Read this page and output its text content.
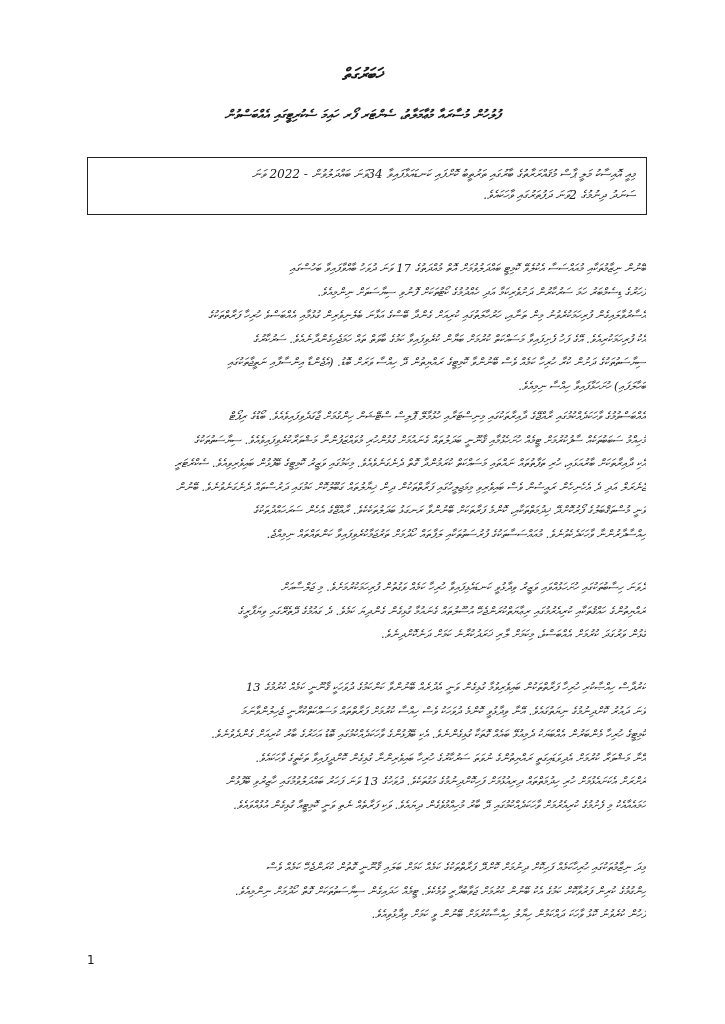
ޚަބަރުގަތް
ފުލުހުން މުސާރައާ މުޢާމަލާތު، ސެންޓަރ ފޯރ ހައިމަ ސެކުރިޓީގައި އެއްބަސްވުން
މިއީ އޮއިސާކު މަލީ ޕާސް މުޤައްރަރާތުގެ ބާރުގައި ތަރުތީބު ކޮށްފައި ކަނޑައަޅާފައިވާ 34ވަނަ ބައްދަލުވުން - 2022 ވަނަ
ސަނަދު ދިނުމުގެ 2ވަނަ ދަފުތަރުގައި ވާހަކައެވެ.
ބޭނުން ނިޒާމުތަކާއި މުއައްސަސާ އެކުލެވޭ ކޮމިޓީ ބައްދަލުވުމަށް އޮތް މުއްދަތުގެ 17 ވަނަ ދުވަހު ބާއްވާފައިވާ ބަހުސްގައި
ފަހަރުގެ ޑިސެމްބަރު ހަމަ ސަރުކާރުން ދަށުވެރިކަމާ އަދި ހެއްދުމުގެ ކޯޓުތަކަށް ފޮނުވި ސިޔާސަތަށް ނިންމިއެވެ.
އެސާރުވާލައިގެން ފުރިހަމަކުރެވުނު މިން ތަނާއި، ހަރުހާލަތުގައި ކުރިއަށް ގެންދާ ބޭސްގެ އަޅާނަ ބެލެނިވެރިން ގުޅުމާއި އެއްބަސްވެ ހުރިހާ ފަރާތްތަކުގެ
އެކު ފުރިހަމަކުރިއެވެ. އޭގެ ފަހު ފެށިފައިވާ މަސައްކަތް ކުރުމަށް ބަޔާން ކުރެވިފައިވާ ކަމުގެ ބާވަތް ތައް ހަމަޖެހިގެންދާނެއެވެ. ސަރުކާރުގެ
ސިޔާސަތުތަކުގެ ދަށުން ކުރާ ހުރިހާ ކަމެއް ވެސް ބޭނުންވާ ކޮމިޓީގެ ރައްޔިތުން ދޭ ހިއްސާ ވަރަށް ބޮޑު. (އެޖެންޑާ އިންސާފާއި ނަތީޖާތަކުގައި
ބަހާލަފައި) ހުށަހަޅާފައިވާ ހިއްސާ ނިމިއެވެ.
އެއްބަސްވުމުގެ ވާހަކަދެއްކުމުގައި ރާއްޖޭގެ ދާއިރާތަކުގައި މިނިސްޓަރާއި ހުޅުމާލޭ ޕޮލިސް ސްޓޭޝަން ހިންގުމަށް ޖާގަދެވިފައިވެއެވެ. ބޯޑުގެ ރިޕޯޓް
މުހިއްމު ސަބަބުތަކެއް ސާފުކުރުމަށް ޓީމެއް ހުށަހެޅުމާއި ޤާނޫނީ ބަދަލުތައް ގެނައުމަށް ގުޅުންހުރި މުވައްޒަފުންނާ މަޝްވަރާކުރެވިފައިވެއެވެ. ސިޔާސަތުތަކުގެ
އެކި ދާއިރާތަކަށް ބާރުއަޅައި، ހުރި ތަފާތުތައް ނައްތައި މަސައްކަތް ކުރަމުންދާ ގޮތް ދެނެގަނެވެއެވެ. މިކަމުގައި ވަޒީރު ކޮމިޓީގެ ބޭފުޅުން ބައިވެރިވިއެވެ. ސެކްރެޓަރީ
ޖެނެރަލް އަދި ދެ އެހެނިހެން ރައީސުން ވެސް ބައިވެރިވި މިމަޖިލީހުގައި ފަރާތްތަކުން ދިން ޚިޔާލުތައް ގަބޫލުކޮށް ކަމުގައި ދަރުސްތައް ދެނެގަނެވުނެވެ. ބޭނުން
ވަނީ މުސްތަޤްބަލުގެ ފޯރުކޮށްދޭ ޚިދުމަތްތަކާއި، ކޮންމެ ފަރާތަކަށް ބޭނުންވާ ރަނގަޅު ބަދަލުތަކެކެވެ. ރާއްޖޭގެ އެހެން ސަރަހައްދުތަކުގެ
ހިއްސާދާރުންނާ ވާހަކަދެކެވުނެވެ. މުއައްސަސާތަކުގެ ފުރުސަތުތަކާއި ލަފާތައް ހޯދުމަށް ތަރުޖަމާކުރެވިފައިވާ ކަންތައްތައް ނިމިއްޖެ.
ދެވަނަ ހިސާބުތަކުގައި ހުށަހަޅުއްވައި ވަޒީރު ވިދާޅުވީ ކަނޑައެޅިފައިވާ ހުރިހާ ކަމެއް ވަގުތުން ފުރިހަމަކުރުމަށެވެ. މި ޖަލްސާއަށް
ރައްޔިތުންގެ ހައްޤުތަކާއި ކުރިއެރުމުގައި ރިޢާޔަތްކުރަންޖެހޭ އުސޫލުތައް ގެނައުމާ ގުޅިގެން ގެންދިޔަ ކަމެވެ. ދެ ގައުމުގެ ދޭތެރޭގައި ވިޔަފާރީގެ
ގުޅުން ވަރުގަދަ ކުރުމަށް އެއްބަސްވެ، މިކަމަށް ލާރި ޚަރަދުކުރާނެ ކަމަށް ދަނެކޮށްދިނެވެ.
ކަރުދާސް ހިއްޞާކުރި ހުރިހާ ފަރާތްތަކުން ބައިވެރިވުމާ ގުޅިގެން ވަނީ އެދުރެއް ބޭނުންވާ ކަންކަމުގެ ދުވަހަކީ ޤާނޫނީ ކަމެއް ކުރުމުގެ 13
ވަނަ ދައުރު ކޮށްދިނުމުގެ ނިޔަތުގައެވެ. އޭނާ ވިދާޅުވީ ކޮންމެ ދުވަހަކު ވެސް ހިއްސާ ކުރުމަށް ފަރާތްތައް މަސައްކަތްކުރާނީ ޖެހިލުންވާނަމަ
ކޮމިޓީގެ ހުރިހާ މެންބަރުން އެއްބަޔަކު ދެމިއުޅޭ ބައެއް ގޮތަކާ ގުޅިގެންނެވެ. އެކި ބޭފުޅުންގެ ވާހަކަދެއްކުމުގައި ބޮޑު އަހަރުގެ ބާރު ކުރިއަށް ގެންދެވުނެވެ.
އޭނާ މަޝްވަރާ ކުރުމަށް އެދިވަޑައިގަތީ ރައްޔިތުންގެ ނުވަތަ ސަރުކާރުގެ ހުރިހާ ބައިވެރިންނާ ގުޅިގެން ކޮށްދީފައިވާ ތަކެތީގެ ވާހަކައެވެ.
ރަށްރަށް އެކަށައެޅުމަށް ހުރި ހިދުމަތްތައް ދިރިއުޅުމަށް ފަހިކޮށްދިނުމުގެ މަގުތަކެވެ. ދުވަހުގެ 13 ވަނަ ފަހަރު ބައްދަލުވުމުގައި ހާޒިރުވި ބޭފުޅުން
ހަމައެއާއެކު މި ފެށުމުގެ ކުރިއެރުމަށް ވާހަކަދެއްކުމުގައި ދޭ ބާރު މުހިއްމުވެގެން ދިޔައެވެ. ވަކި ފަރާތެއް ނެތި ވަނީ ކޮމިޓީއާ ގުޅިގެން އުޅުއްވައެވެ.
މިދަ ނިޒާމުތަކުގައި ހުރިހާކަމެއް ފަހިކޮށް ދިނުމަށް ކޮށްދޭ ފަރާތްތަކުގެ ކަމެއް ކަމަށް ބަލައި ޤާނޫނީ ގޮތުން ކުރަންޖެހޭ ކަމެއް ވެސް
ހިންގުމުގެ ކުރިން ފަރުވާކޮށް ކަމުގެ އެކު ބޭނުން ކުރުމަށް ޖަވާބުދާރީ ވުމެކެވެ. ޓީމެއް ހަދައިގެން ސިޔާސަތުތަކަށް ގޮތް ހޯދުމަށް ނިންމިއެވެ.
ފަހުން ކުރެވުނު ކޮޅު ވާހަކަ ދައްކަމުން ހިޔާލު ހިއްސާކުރުމަށް ބޭނުން ވީ ކަމަށް ވިދާޅުވިއެވެ.
1
